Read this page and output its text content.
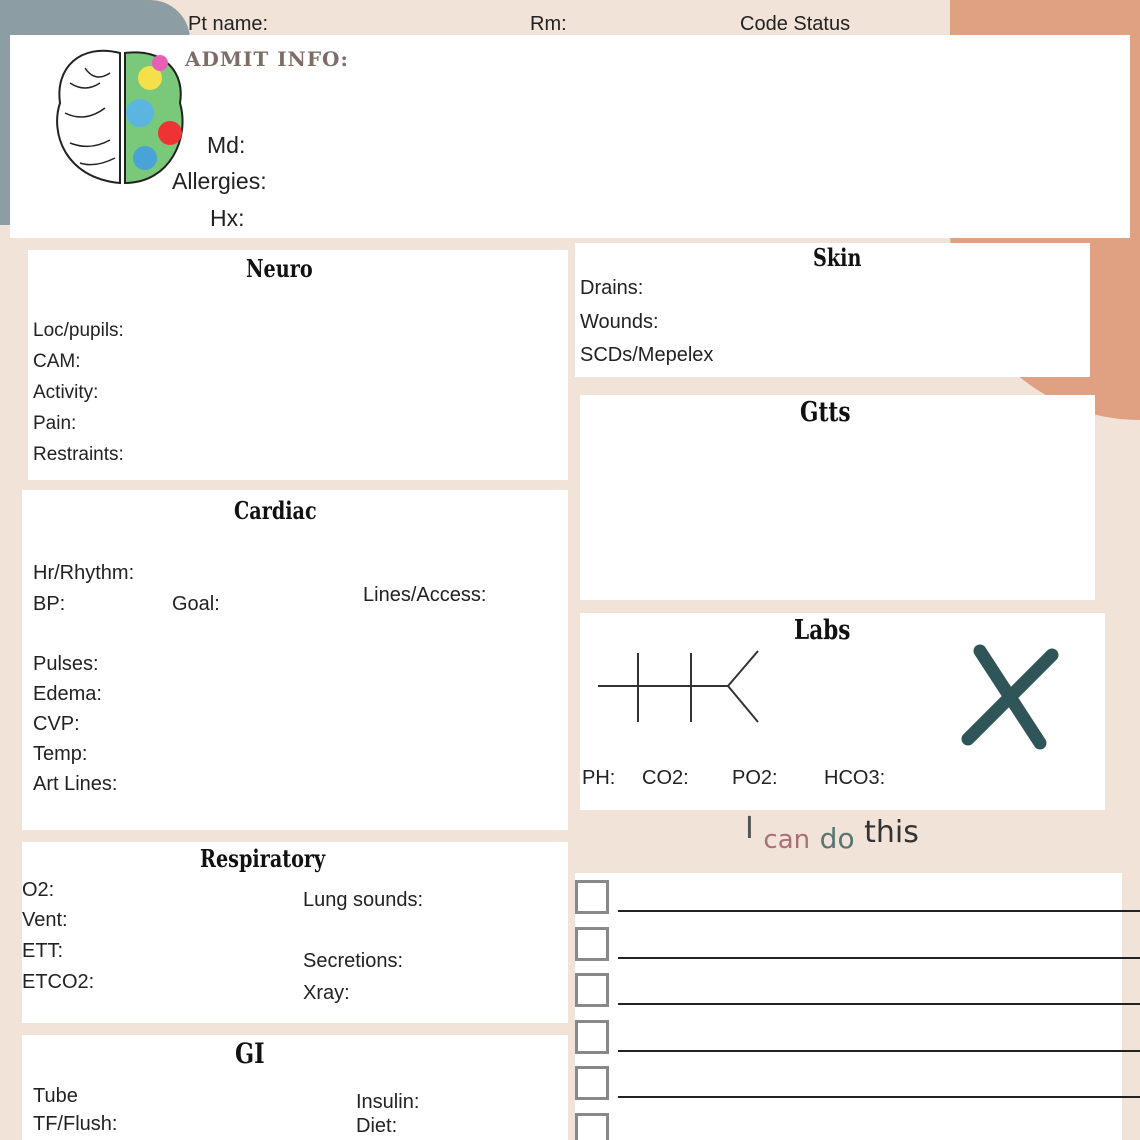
Pt name:	Rm:	Code Status
ADMIT INFO:
Md:
Allergies:
Hx:
Neuro
Loc/pupils:
CAM:
Activity:
Pain:
Restraints:
Skin
Drains:
Wounds:
SCDs/Mepelex
Gtts
Cardiac
Hr/Rhythm:
BP:	Goal:	Lines/Access:
Pulses:
Edema:
CVP:
Temp:
Art Lines:
Labs
PH: CO2: PO2: HCO3:
I can do this
Respiratory
O2:
Vent:
ETT:
ETCO2:
Lung sounds:
Secretions:
Xray:
GI
Tube
TF/Flush:
Insulin:
Diet:
